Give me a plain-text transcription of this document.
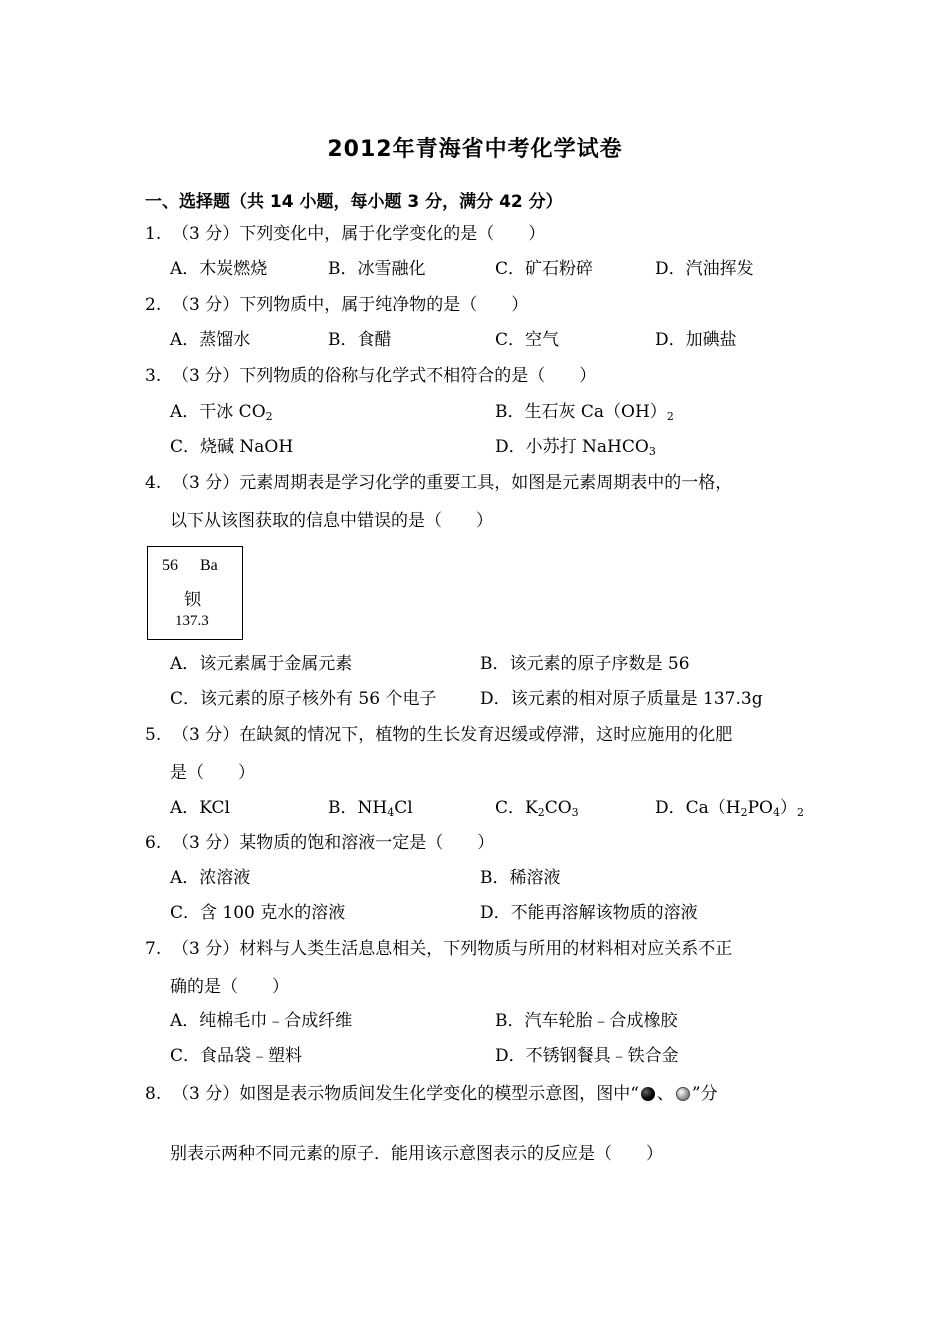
2012年青海省中考化学试卷
一、选择题（共 14 小题，每小题 3 分，满分 42 分）
1. （3 分）下列变化中，属于化学变化的是（　　）
A．木炭燃烧	B．冰雪融化	C．矿石粉碎	D．汽油挥发
2. （3 分）下列物质中，属于纯净物的是（　　）
A．蒸馏水	B．食醋	C．空气	D．加碘盐
3. （3 分）下列物质的俗称与化学式不相符合的是（　　）
A．干冰 $CO_2$	B．生石灰 $Ca(OH)_2$
C．烧碱 NaOH	D．小苏打 NaHCO$_3$
4. （3 分）元素周期表是学习化学的重要工具，如图是元素周期表中的一格，
以下从该图获取的信息中错误的是（　　）
56 Ba
钡
137.3
A．该元素属于金属元素	B．该元素的原子序数是 56
C．该元素的原子核外有 56 个电子	D．该元素的相对原子质量是 137.3g
5. （3 分）在缺氮的情况下，植物的生长发育迟缓或停滞，这时应施用的化肥
是（　　）
A．KCl	B．$NH_4Cl$	C．$K_2CO_3$	D．$Ca(H_2PO_4)_2$
6. （3 分）某物质的饱和溶液一定是（　　）
A．浓溶液	B．稀溶液
C．含 100 克水的溶液	D．不能再溶解该物质的溶液
7. （3 分）材料与人类生活息息相关，下列物质与所用的材料相对应关系不正
确的是（　　）
A．纯棉毛巾﹣合成纤维	B．汽车轮胎﹣合成橡胶
C．食品袋﹣塑料	D．不锈钢餐具﹣铁合金
8. （3 分）如图是表示物质间发生化学变化的模型示意图，图中“ 、 ”分
别表示两种不同元素的原子．能用该示意图表示的反应是（　　）
